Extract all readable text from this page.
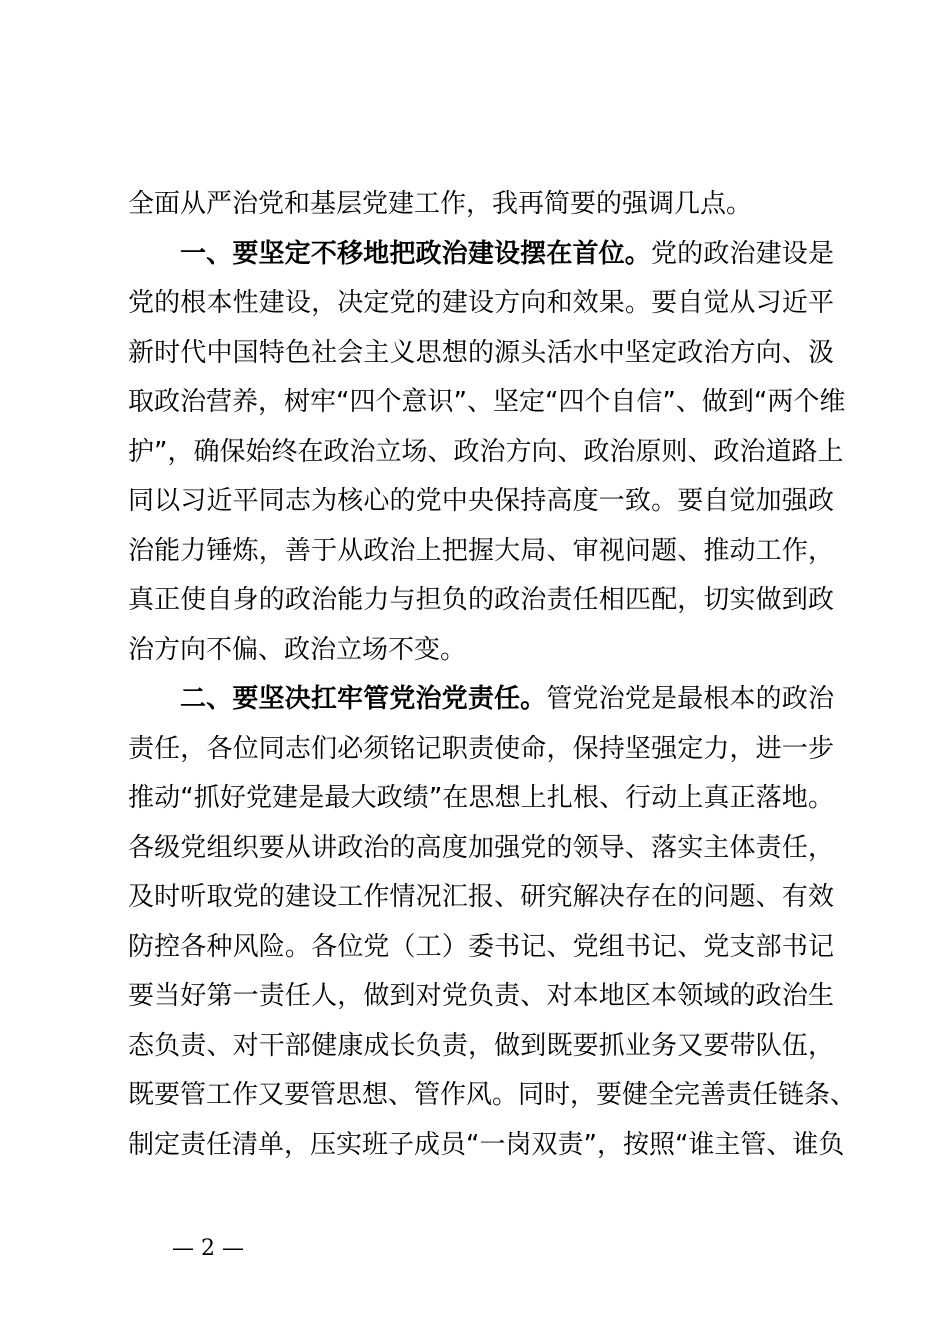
全面从严治党和基层党建工作，我再简要的强调几点。
一、要坚定不移地把政治建设摆在首位。党的政治建设是
党的根本性建设，决定党的建设方向和效果。要自觉从习近平
新时代中国特色社会主义思想的源头活水中坚定政治方向、汲
取政治营养，树牢“四个意识”、坚定“四个自信”、做到“两个维
护”，确保始终在政治立场、政治方向、政治原则、政治道路上
同以习近平同志为核心的党中央保持高度一致。要自觉加强政
治能力锤炼，善于从政治上把握大局、审视问题、推动工作，
真正使自身的政治能力与担负的政治责任相匹配，切实做到政
治方向不偏、政治立场不变。
二、要坚决扛牢管党治党责任。管党治党是最根本的政治
责任，各位同志们必须铭记职责使命，保持坚强定力，进一步
推动“抓好党建是最大政绩”在思想上扎根、行动上真正落地。
各级党组织要从讲政治的高度加强党的领导、落实主体责任，
及时听取党的建设工作情况汇报、研究解决存在的问题、有效
防控各种风险。各位党（工）委书记、党组书记、党支部书记
要当好第一责任人，做到对党负责、对本地区本领域的政治生
态负责、对干部健康成长负责，做到既要抓业务又要带队伍，
既要管工作又要管思想、管作风。同时，要健全完善责任链条、
制定责任清单，压实班子成员“一岗双责”，按照“谁主管、谁负
— 2 —
